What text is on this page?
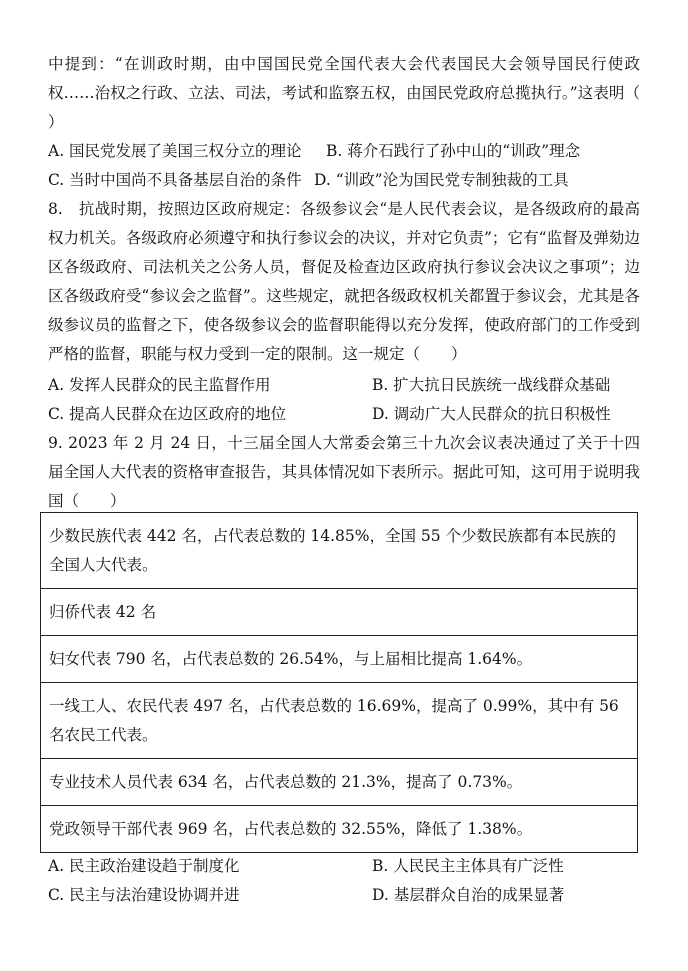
中提到：“在训政时期，由中国国民党全国代表大会代表国民大会领导国民行使政权……治权之行政、立法、司法，考试和监察五权，由国民党政府总揽执行。”这表明（　　）

A. 国民党发展了美国三权分立的理论 B. 蒋介石践行了孙中山的“训政”理念
C. 当时中国尚不具备基层自治的条件 D. “训政”沦为国民党专制独裁的工具

8.　抗战时期，按照边区政府规定：各级参议会“是人民代表会议，是各级政府的最高权力机关。各级政府必须遵守和执行参议会的决议，并对它负责”；它有“监督及弹劾边区各级政府、司法机关之公务人员，督促及检查边区政府执行参议会决议之事项”；边区各级政府受“参议会之监督”。这些规定，就把各级政权机关都置于参议会，尤其是各级参议员的监督之下，使各级参议会的监督职能得以充分发挥，使政府部门的工作受到严格的监督，职能与权力受到一定的限制。这一规定（　　）

A. 发挥人民群众的民主监督作用	B. 扩大抗日民族统一战线群众基础
C. 提高人民群众在边区政府的地位	D. 调动广大人民群众的抗日积极性

9. 2023 年 2 月 24 日，十三届全国人大常委会第三十九次会议表决通过了关于十四届全国人大代表的资格审查报告，其具体情况如下表所示。据此可知，这可用于说明我国（　　）

少数民族代表 442 名，占代表总数的 14.85%，全国 55 个少数民族都有本民族的全国人大代表。
归侨代表 42 名
妇女代表 790 名，占代表总数的 26.54%，与上届相比提高 1.64%。
一线工人、农民代表 497 名，占代表总数的 16.69%，提高了 0.99%，其中有 56 名农民工代表。
专业技术人员代表 634 名，占代表总数的 21.3%，提高了 0.73%。
党政领导干部代表 969 名，占代表总数的 32.55%，降低了 1.38%。
A. 民主政治建设趋于制度化	B. 人民民主主体具有广泛性
C. 民主与法治建设协调并进	D. 基层群众自治的成果显著
